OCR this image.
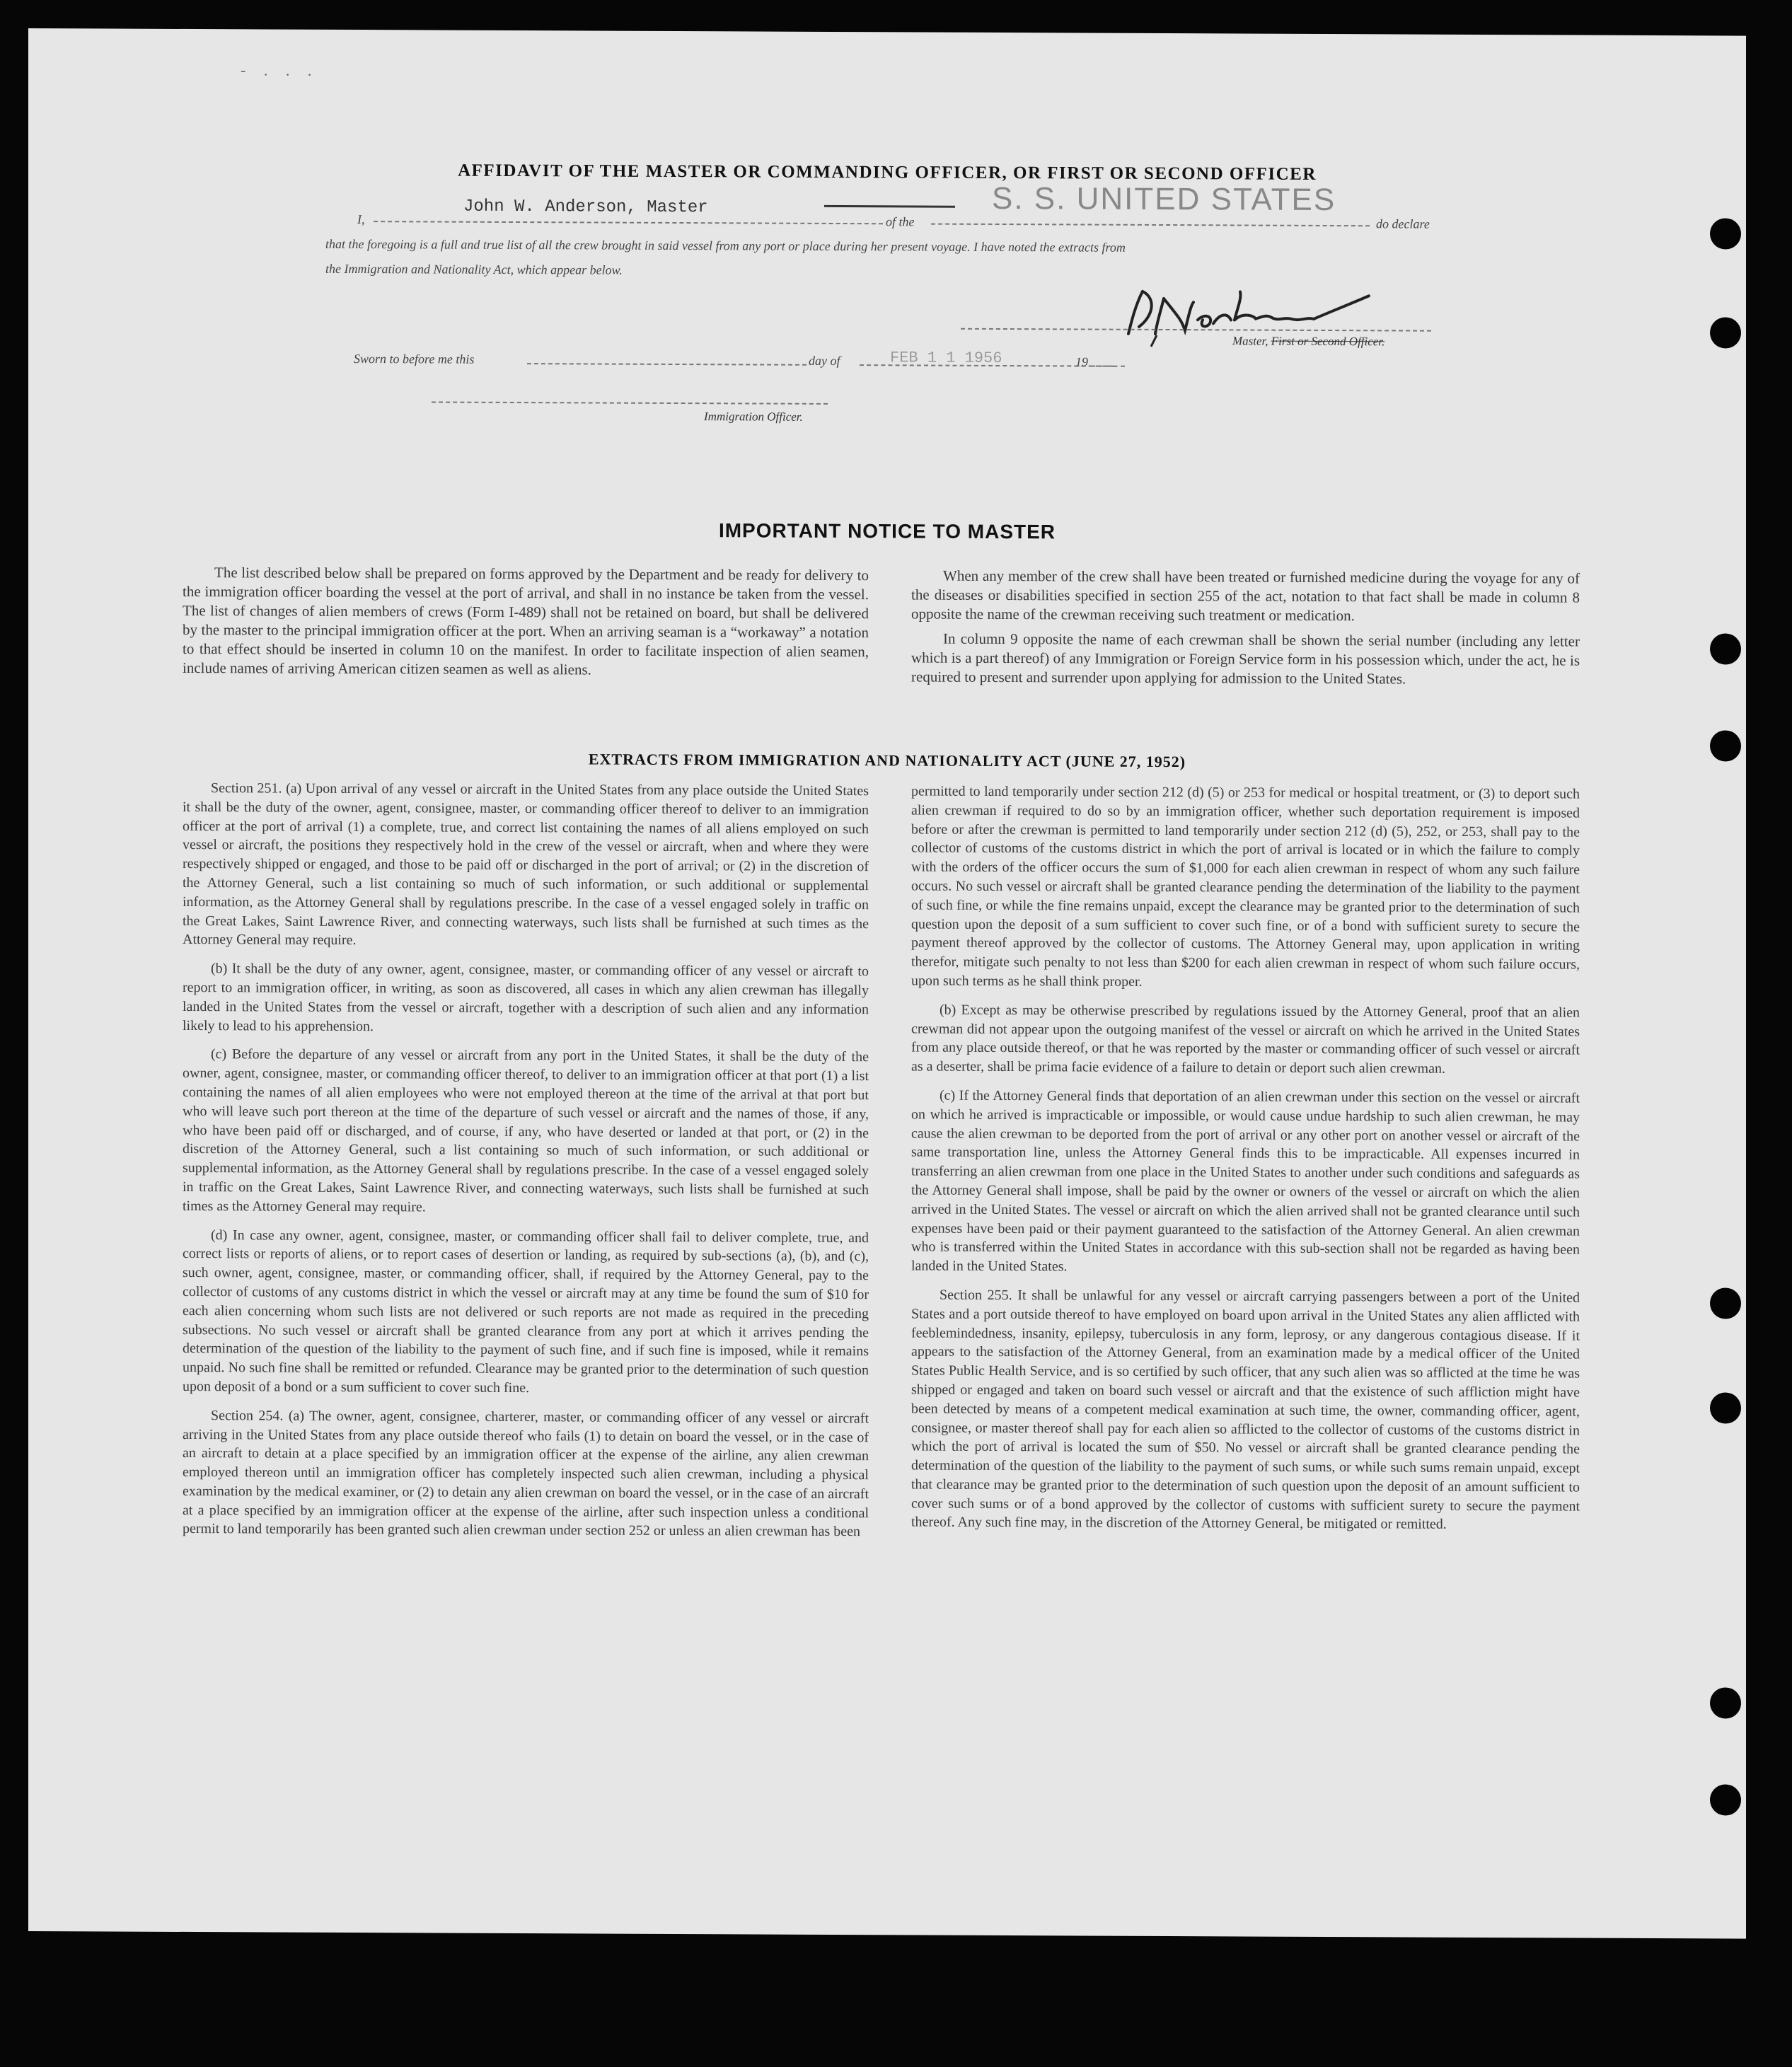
- . . .
AFFIDAVIT OF THE MASTER OR COMMANDING OFFICER, OR FIRST OR SECOND OFFICER
I,
John W. Anderson, Master
of the
S. S. UNITED STATES
do declare
that the foregoing is a full and true list of all the crew brought in said vessel from any port or place during her present voyage. I have noted the extracts from
the Immigration and Nationality Act, which appear below.
Master, First or Second Officer.
Sworn to before me this	day of	FEB 1 1 1956	19
Immigration Officer.
IMPORTANT NOTICE TO MASTER

The list described below shall be prepared on forms approved by the Department and be ready for delivery to the immigration officer boarding the vessel at the port of arrival, and shall in no instance be taken from the vessel. The list of changes of alien members of crews (Form I-489) shall not be retained on board, but shall be delivered by the master to the principal immigration officer at the port. When an arriving seaman is a “workaway” a notation to that effect should be inserted in column 10 on the manifest. In order to facilitate inspection of alien seamen, include names of arriving American citizen seamen as well as aliens.

When any member of the crew shall have been treated or furnished medicine during the voyage for any of the diseases or disabilities specified in section 255 of the act, notation to that fact shall be made in column 8 opposite the name of the crewman receiving such treatment or medication.

In column 9 opposite the name of each crewman shall be shown the serial number (including any letter which is a part thereof) of any Immigration or Foreign Service form in his possession which, under the act, he is required to present and surrender upon applying for admission to the United States.

EXTRACTS FROM IMMIGRATION AND NATIONALITY ACT (JUNE 27, 1952)

Section 251. (a) Upon arrival of any vessel or aircraft in the United States from any place outside the United States it shall be the duty of the owner, agent, consignee, master, or commanding officer thereof to deliver to an immigration officer at the port of arrival (1) a complete, true, and correct list containing the names of all aliens employed on such vessel or aircraft, the positions they respectively hold in the crew of the vessel or aircraft, when and where they were respectively shipped or engaged, and those to be paid off or discharged in the port of arrival; or (2) in the discretion of the Attorney General, such a list containing so much of such information, or such additional or supplemental information, as the Attorney General shall by regulations prescribe. In the case of a vessel engaged solely in traffic on the Great Lakes, Saint Lawrence River, and connecting waterways, such lists shall be furnished at such times as the Attorney General may require.

(b) It shall be the duty of any owner, agent, consignee, master, or commanding officer of any vessel or aircraft to report to an immigration officer, in writing, as soon as discovered, all cases in which any alien crewman has illegally landed in the United States from the vessel or aircraft, together with a description of such alien and any information likely to lead to his apprehension.

(c) Before the departure of any vessel or aircraft from any port in the United States, it shall be the duty of the owner, agent, consignee, master, or commanding officer thereof, to deliver to an immigration officer at that port (1) a list containing the names of all alien employees who were not employed thereon at the time of the arrival at that port but who will leave such port thereon at the time of the departure of such vessel or aircraft and the names of those, if any, who have been paid off or discharged, and of course, if any, who have deserted or landed at that port, or (2) in the discretion of the Attorney General, such a list containing so much of such information, or such additional or supplemental information, as the Attorney General shall by regulations prescribe. In the case of a vessel engaged solely in traffic on the Great Lakes, Saint Lawrence River, and connecting waterways, such lists shall be furnished at such times as the Attorney General may require.

(d) In case any owner, agent, consignee, master, or commanding officer shall fail to deliver complete, true, and correct lists or reports of aliens, or to report cases of desertion or landing, as required by sub-sections (a), (b), and (c), such owner, agent, consignee, master, or commanding officer, shall, if required by the Attorney General, pay to the collector of customs of any customs district in which the vessel or aircraft may at any time be found the sum of $10 for each alien concerning whom such lists are not delivered or such reports are not made as required in the preceding subsections. No such vessel or aircraft shall be granted clearance from any port at which it arrives pending the determination of the question of the liability to the payment of such fine, and if such fine is imposed, while it remains unpaid. No such fine shall be remitted or refunded. Clearance may be granted prior to the determination of such question upon deposit of a bond or a sum sufficient to cover such fine.

Section 254. (a) The owner, agent, consignee, charterer, master, or commanding officer of any vessel or aircraft arriving in the United States from any place outside thereof who fails (1) to detain on board the vessel, or in the case of an aircraft to detain at a place specified by an immigration officer at the expense of the airline, any alien crewman employed thereon until an immigration officer has completely inspected such alien crewman, including a physical examination by the medical examiner, or (2) to detain any alien crewman on board the vessel, or in the case of an aircraft at a place specified by an immigration officer at the expense of the airline, after such inspection unless a conditional permit to land temporarily has been granted such alien crewman under section 252 or unless an alien crewman has been

permitted to land temporarily under section 212 (d) (5) or 253 for medical or hospital treatment, or (3) to deport such alien crewman if required to do so by an immigration officer, whether such deportation requirement is imposed before or after the crewman is permitted to land temporarily under section 212 (d) (5), 252, or 253, shall pay to the collector of customs of the customs district in which the port of arrival is located or in which the failure to comply with the orders of the officer occurs the sum of $1,000 for each alien crewman in respect of whom any such failure occurs. No such vessel or aircraft shall be granted clearance pending the determination of the liability to the payment of such fine, or while the fine remains unpaid, except the clearance may be granted prior to the determination of such question upon the deposit of a sum sufficient to cover such fine, or of a bond with sufficient surety to secure the payment thereof approved by the collector of customs. The Attorney General may, upon application in writing therefor, mitigate such penalty to not less than $200 for each alien crewman in respect of whom such failure occurs, upon such terms as he shall think proper.

(b) Except as may be otherwise prescribed by regulations issued by the Attorney General, proof that an alien crewman did not appear upon the outgoing manifest of the vessel or aircraft on which he arrived in the United States from any place outside thereof, or that he was reported by the master or commanding officer of such vessel or aircraft as a deserter, shall be prima facie evidence of a failure to detain or deport such alien crewman.

(c) If the Attorney General finds that deportation of an alien crewman under this section on the vessel or aircraft on which he arrived is impracticable or impossible, or would cause undue hardship to such alien crewman, he may cause the alien crewman to be deported from the port of arrival or any other port on another vessel or aircraft of the same transportation line, unless the Attorney General finds this to be impracticable. All expenses incurred in transferring an alien crewman from one place in the United States to another under such conditions and safeguards as the Attorney General shall impose, shall be paid by the owner or owners of the vessel or aircraft on which the alien arrived in the United States. The vessel or aircraft on which the alien arrived shall not be granted clearance until such expenses have been paid or their payment guaranteed to the satisfaction of the Attorney General. An alien crewman who is transferred within the United States in accordance with this sub-section shall not be regarded as having been landed in the United States.

Section 255. It shall be unlawful for any vessel or aircraft carrying passengers between a port of the United States and a port outside thereof to have employed on board upon arrival in the United States any alien afflicted with feeblemindedness, insanity, epilepsy, tuberculosis in any form, leprosy, or any dangerous contagious disease. If it appears to the satisfaction of the Attorney General, from an examination made by a medical officer of the United States Public Health Service, and is so certified by such officer, that any such alien was so afflicted at the time he was shipped or engaged and taken on board such vessel or aircraft and that the existence of such affliction might have been detected by means of a competent medical examination at such time, the owner, commanding officer, agent, consignee, or master thereof shall pay for each alien so afflicted to the collector of customs of the customs district in which the port of arrival is located the sum of $50. No vessel or aircraft shall be granted clearance pending the determination of the question of the liability to the payment of such sums, or while such sums remain unpaid, except that clearance may be granted prior to the determination of such question upon the deposit of an amount sufficient to cover such sums or of a bond approved by the collector of customs with sufficient surety to secure the payment thereof. Any such fine may, in the discretion of the Attorney General, be mitigated or remitted.
